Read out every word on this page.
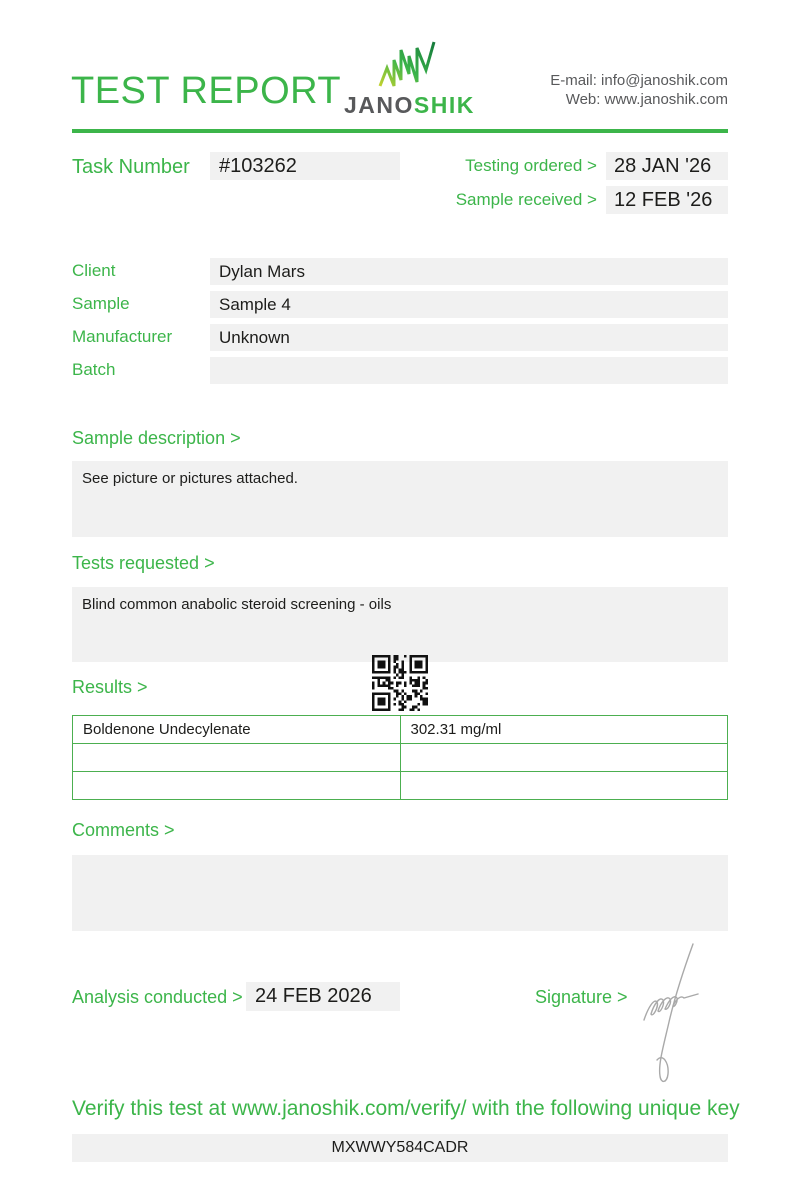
TEST REPORT JANOSHIK
E-mail: info@janoshik.com
Web: www.janoshik.com
Task Number	#103262	Testing ordered > 28 JAN '26
Sample received > 12 FEB '26
Client	Dylan Mars
Sample	Sample 4
Manufacturer	Unknown
Batch
Sample description >
See picture or pictures attached.
Tests requested >
Blind common anabolic steroid screening - oils
Results >
Boldenone Undecylenate	302.31 mg/ml

Comments >
Analysis conducted > 24 FEB 2026	Signature >
Verify this test at www.janoshik.com/verify/ with the following unique key
MXWWY584CADR
